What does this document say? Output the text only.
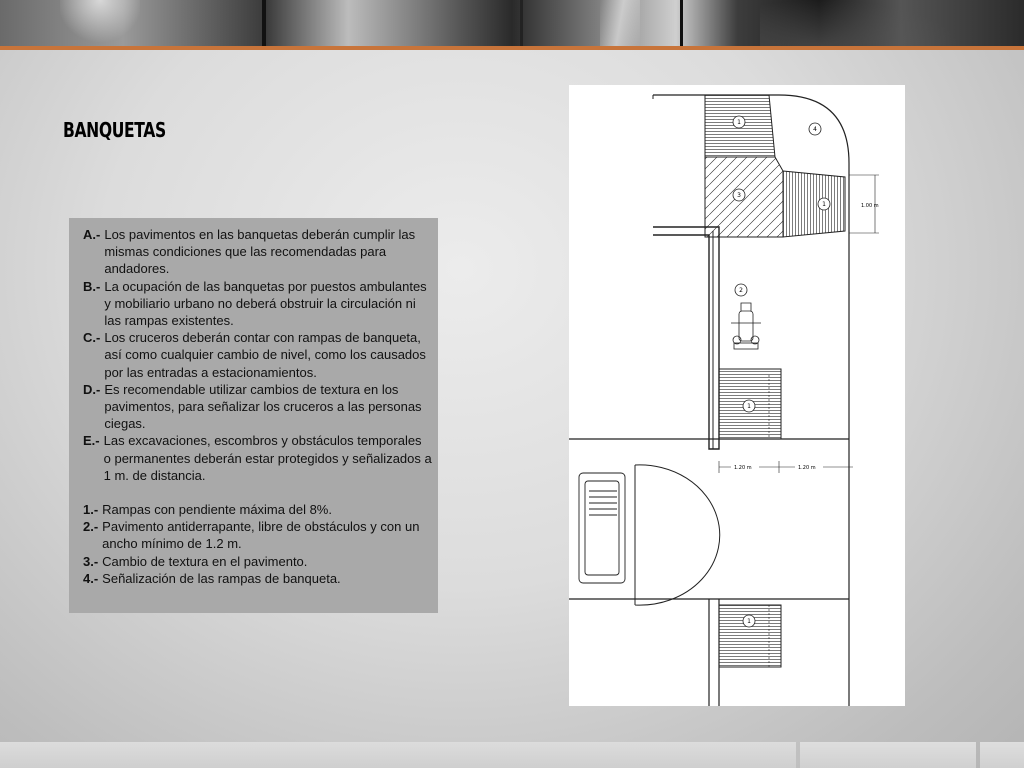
BANQUETAS
A.- Los pavimentos en las banquetas deberán cumplir las mismas condiciones que las recomendadas para andadores.
B.- La ocupación de las banquetas por puestos ambulantes y mobiliario urbano no deberá obstruir la circulación ni las rampas existentes.
C.- Los cruceros deberán contar con rampas de banqueta, así como cualquier cambio de nivel, como los causados por las entradas a estacionamientos.
D.- Es recomendable utilizar cambios de textura en los pavimentos, para señalizar los cruceros a las personas ciegas.
E.- Las excavaciones, escombros y obstáculos temporales o permanentes deberán estar protegidos y señalizados a 1 m. de distancia.
1.- Rampas con pendiente máxima del 8%.
2.- Pavimento antiderrapante, libre de obstáculos y con un ancho mínimo de 1.2 m.
3.- Cambio de textura en el pavimento.
4.- Señalización de las rampas de banqueta.
1.00 m
1.20 m	1.20 m
1
4
3
1
2
1
1
